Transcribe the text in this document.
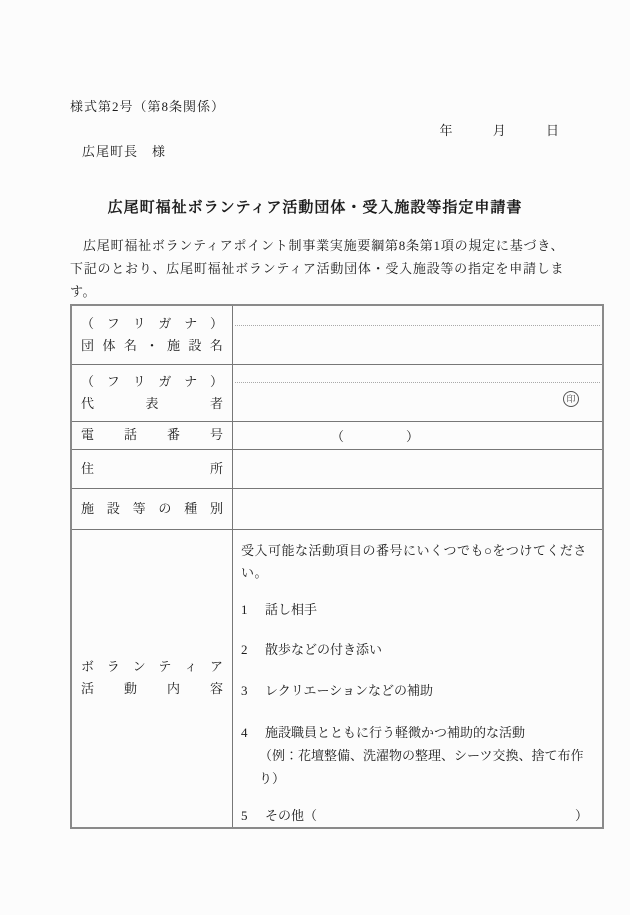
様式第2号（第8条関係）
年	月	日
広尾町長　様
広尾町福祉ボランティア活動団体・受入施設等指定申請書
広尾町福祉ボランティアポイント制事業実施要綱第8条第1項の規定に基づき、下記のとおり、広尾町福祉ボランティア活動団体・受入施設等の指定を申請します。
（ フ リ ガ ナ ）
団 体 名 ・ 施 設 名

（ フ リ ガ ナ ）
代	表	者	印

電 話 番 号	（　　　　）

住 所	

施 設 等 の 種 別

ボ ラ ン テ ィ ア
活 動 内 容

受入可能な活動項目の番号にいくつでも○をつけてください。
1	話し相手
2	散歩などの付き添い
3	レクリエーションなどの補助
4	施設職員とともに行う軽微かつ補助的な活動
（例：花壇整備、洗濯物の整理、シーツ交換、捨て布作り）
5	その他（	）
